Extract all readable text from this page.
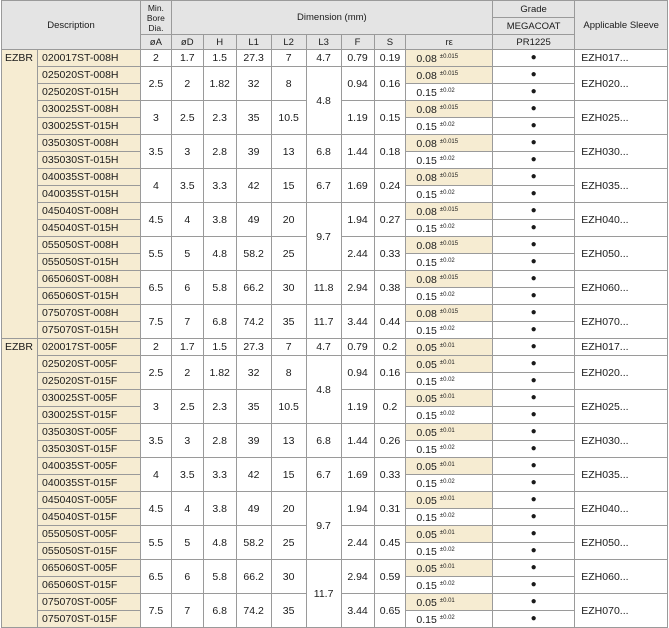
Description		Min. Bore Dia.	Dimension (mm)								Grade	Applicable Sleeve
											MEGACOAT	
		øA	øD	H	L1	L2	L3	F	S	rε	PR1225	
EZBR	020017ST-008H	2	1.7	1.5	27.3	7	4.7	0.79	0.19	0.08 $^{\pm 0.015}$	●	EZH017...
	025020ST-008H	2.5	2	1.82	32	8	4.8	0.94	0.16	0.08 $^{\pm 0.015}$	●	EZH020...
	025020ST-015H									0.15 $^{\pm 0.02}$	●	
	030025ST-008H	3	2.5	2.3	35	10.5		1.19	0.15	0.08 $^{\pm 0.015}$	●	EZH025...
	030025ST-015H									0.15 $^{\pm 0.02}$	●	
	035030ST-008H	3.5	3	2.8	39	13	6.8	1.44	0.18	0.08 $^{\pm 0.015}$	●	EZH030...
	035030ST-015H									0.15 $^{\pm 0.02}$	●	
	040035ST-008H	4	3.5	3.3	42	15	6.7	1.69	0.24	0.08 $^{\pm 0.015}$	●	EZH035...
	040035ST-015H									0.15 $^{\pm 0.02}$	●	
	045040ST-008H	4.5	4	3.8	49	20	9.7	1.94	0.27	0.08 $^{\pm 0.015}$	●	EZH040...
	045040ST-015H									0.15 $^{\pm 0.02}$	●	
	055050ST-008H	5.5	5	4.8	58.2	25		2.44	0.33	0.08 $^{\pm 0.015}$	●	EZH050...
	055050ST-015H									0.15 $^{\pm 0.02}$	●	
	065060ST-008H	6.5	6	5.8	66.2	30	11.8	2.94	0.38	0.08 $^{\pm 0.015}$	●	EZH060...
	065060ST-015H									0.15 $^{\pm 0.02}$	●	
	075070ST-008H	7.5	7	6.8	74.2	35	11.7	3.44	0.44	0.08 $^{\pm 0.015}$	●	EZH070...
	075070ST-015H									0.15 $^{\pm 0.02}$	●	
EZBR	020017ST-005F	2	1.7	1.5	27.3	7	4.7	0.79	0.2	0.05 $^{\pm 0.01}$	●	EZH017...
	025020ST-005F	2.5	2	1.82	32	8	4.8	0.94	0.16	0.05 $^{\pm 0.01}$	●	EZH020...
	025020ST-015F									0.15 $^{\pm 0.02}$	●	
	030025ST-005F	3	2.5	2.3	35	10.5		1.19	0.2	0.05 $^{\pm 0.01}$	●	EZH025...
	030025ST-015F									0.15 $^{\pm 0.02}$	●	
	035030ST-005F	3.5	3	2.8	39	13	6.8	1.44	0.26	0.05 $^{\pm 0.01}$	●	EZH030...
	035030ST-015F									0.15 $^{\pm 0.02}$	●	
	040035ST-005F	4	3.5	3.3	42	15	6.7	1.69	0.33	0.05 $^{\pm 0.01}$	●	EZH035...
	040035ST-015F									0.15 $^{\pm 0.02}$	●	
	045040ST-005F	4.5	4	3.8	49	20	9.7	1.94	0.31	0.05 $^{\pm 0.01}$	●	EZH040...
	045040ST-015F									0.15 $^{\pm 0.02}$	●	
	055050ST-005F	5.5	5	4.8	58.2	25		2.44	0.45	0.05 $^{\pm 0.01}$	●	EZH050...
	055050ST-015F									0.15 $^{\pm 0.02}$	●	
	065060ST-005F	6.5	6	5.8	66.2	30	11.7	2.94	0.59	0.05 $^{\pm 0.01}$	●	EZH060...
	065060ST-015F									0.15 $^{\pm 0.02}$	●	
	075070ST-005F	7.5	7	6.8	74.2	35		3.44	0.65	0.05 $^{\pm 0.01}$	●	EZH070...
	075070ST-015F									0.15 $^{\pm 0.02}$	●	
